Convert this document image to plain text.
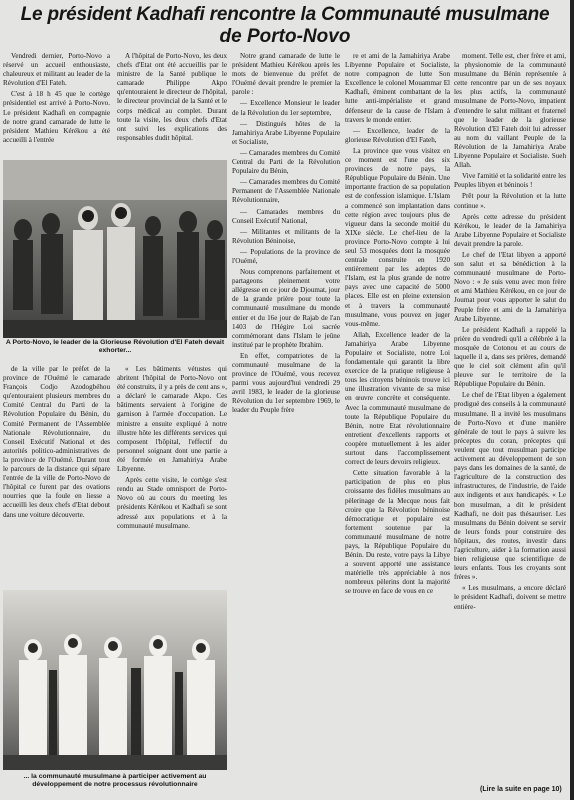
Le président Kadhafi rencontre la Communauté musulmane
de Porto-Novo

Vendredi dernier, Porto-Novo a réservé un accueil enthousiaste, chaleureux et militant au leader de la Révolution d'El Fateh.

C'est à 18 h 45 que le cortège présidentiel est arrivé à Porto-Novo. Le président Kadhafi en compagnie de notre grand camarade de lutte le président Mathieu Kérékou a été accueilli à l'entrée

A l'hôpital de Porto-Novo, les deux chefs d'Etat ont été accueillis par le ministre de la Santé publique le camarade Philippe Akpo qu'entouraient le directeur de l'hôpital, le directeur provincial de la Santé et le corps médical au complet. Durant toute la visite, les deux chefs d'Etat ont suivi les explications des responsables dudit hôpital.

A Porto-Novo, le leader de la Glorieuse Révolution d'El Fateh devait exhorter...

de la ville par le préfet de la province de l'Ouémé le camarade François Codjo Azodogbéhou qu'entouraient plusieurs membres du Comité Central du Parti de la Révolution Populaire du Bénin, du Comité Permanent de l'Assemblée Nationale Révolutionnaire, du Conseil Exécutif National et des autorités politico-administratives de la province de l'Ouémé. Durant tout le parcours de la distance qui sépare l'entrée de la ville de Porto-Novo de l'hôpital ce furent par des ovations nourries que la foule en liesse a accueilli les deux chefs d'Etat debout dans une voiture découverte.

« Les bâtiments vétustes qui abritent l'hôpital de Porto-Novo ont été construits, il y a près de cent ans », a déclaré le camarade Akpo. Ces bâtiments servaient à l'origine de garnison à l'armée d'occupation. Le ministre a ensuite expliqué à notre illustre hôte les différents services qui composent l'hôpital, l'effectif du personnel soignant dont une partie a été formée en Jamahiriya Arabe Libyenne.

Après cette visite, le cortège s'est rendu au Stade omnisport de Porto-Novo où au cours du meeting les présidents Kérékou et Kadhafi se sont adressé aux populations et à la communauté musulmane.

... la communauté musulmane à participer activement au développement de notre processus révolutionnaire

Notre grand camarade de lutte le président Mathieu Kérékou après les mots de bienvenue du préfet de l'Ouémé devait prendre le premier la parole :

— Excellence Monsieur le leader de la Révolution du 1er septembre,

— Distingués hôtes de la Jamahiriya Arabe Libyenne Populaire et Socialiste,

— Camarades membres du Comité Central du Parti de la Révolution Populaire du Bénin,

— Camarades membres du Comité Permanent de l'Assemblée Nationale Révolutionnaire,

— Camarades membres du Conseil Exécutif National,

— Militantes et militants de la Révolution Béninoise,

— Populations de la province de l'Ouémé,

Nous comprenons parfaitement et partageons pleinement votre allégresse en ce jour de Djoumat, jour de la grande prière pour toute la communauté musulmane du monde entier et du 16e jour de Rajab de l'an 1403 de l'Hégire Loi sacrée commémorant dans l'Islam le jeûne institué par le prophète Ibrahim.

En effet, compatriotes de la communauté musulmane de la province de l'Ouémé, vous recevez parmi vous aujourd'hui vendredi 29 avril 1983, le leader de la glorieuse Révolution du 1er septembre 1969, le leader du Peuple frère

re et ami de la Jamahiriya Arabe Libyenne Populaire et Socialiste, notre compagnon de lutte Son Excellence le colonel Mouammar El Kadhafi, éminent combattant de la lutte anti-impérialiste et grand défenseur de la cause de l'Islam à travers le monde entier.

— Excellence, leader de la glorieuse Révolution d'El Fateh,

La province que vous visitez en ce moment est l'une des six provinces de notre pays, la République Populaire du Bénin. Une importante fraction de sa population est de confession islamique. L'Islam a commencé son implantation dans cette région avec toujours plus de vigueur dans la seconde moitié du XIXe siècle. Le chef-lieu de la province Porto-Novo compte à lui seul 53 mosquées dont la mosquée centrale construite en 1920 entièrement par les adeptes de l'Islam, est la plus grande de notre pays avec une capacité de 5000 places. Elle est en pleine extension et à travers la communauté musulmane, vous pouvez en juger vous-même.

Allah, Excellence leader de la Jamahiriya Arabe Libyenne Populaire et Socialiste, notre Loi fondamentale qui garantit la libre exercice de la pratique religieuse à tous les citoyens béninois trouve ici une illustration vivante de sa mise en œuvre concrète et conséquente. Avec la communauté musulmane de toute la République Populaire du Bénin, notre Etat révolutionnaire entretient d'excellents rapports et coopère mutuellement à les aider surtout dans l'accomplissement correct de leurs devoirs religieux.

Cette situation favorable à la participation de plus en plus croissante des fidèles musulmans au pèlerinage de la Mecque nous fait croire que la Révolution béninoise démocratique et populaire est fortement soutenue par la communauté musulmane de notre pays, la République Populaire du Bénin. Du reste, votre pays la Libye a souvent apporté une assistance matérielle très appréciable à nos nombreux pèlerins dont la majorité se trouve en face de vous en ce

moment. Telle est, cher frère et ami, la physionomie de la communauté musulmane du Bénin représentée à cette rencontre par un de ses noyaux les plus actifs, la communauté musulmane de Porto-Novo, impatient d'entendre le salut militant et fraternel que le leader de la glorieuse Révolution d'El Fateh doit lui adresser au nom du vaillant Peuple de la Révolution de la Jamahiriya Arabe Libyenne Populaire et Socialiste. Sueh Allah.

Vive l'amitié et la solidarité entre les Peuples libyen et béninois !

Prêt pour la Révolution et la lutte continue ».

Après cette adresse du président Kérékou, le leader de la Jamahiriya Arabe Libyenne Populaire et Socialiste devait prendre la parole.

Le chef de l'Etat libyen a apporté son salut et sa bénédiction à la communauté musulmane de Porto-Novo : « Je suis venu avec mon frère et ami Mathieu Kérékou, en ce jour de Joumat pour vous apporter le salut du Peuple frère et ami de la Jamahiriya Arabe Libyenne.

Le président Kadhafi a rappelé la prière du vendredi qu'il a célébrée à la mosquée de Cotonou et au cours de laquelle il a, dans ses prières, demandé que le ciel soit clément afin qu'il pleuve sur le territoire de la République Populaire du Bénin.

Le chef de l'Etat libyen a également prodigué des conseils à la communauté musulmane. Il a invité les musulmans de Porto-Novo et d'une manière générale de tout le pays à suivre les préceptes du coran, préceptes qui veulent que tout musulman participe activement au développement de son pays dans les domaines de la santé, de l'agriculture de la construction des infrastructures, de l'industrie, de l'aide aux indigents et aux handicapés. « Le bon musulman, a dit le président Kadhafi, ne doit pas thésauriser. Les musulmans du Bénin doivent se servir de leurs fonds pour construire des hôpitaux, des routes, investir dans l'agriculture, aider à la formation aussi bien religieuse que scientifique de leurs enfants. Tous les croyants sont frères ».

« Les musulmans, a encore déclaré le président Kadhafi, doivent se mettre entière-

(Lire la suite en page 10)
